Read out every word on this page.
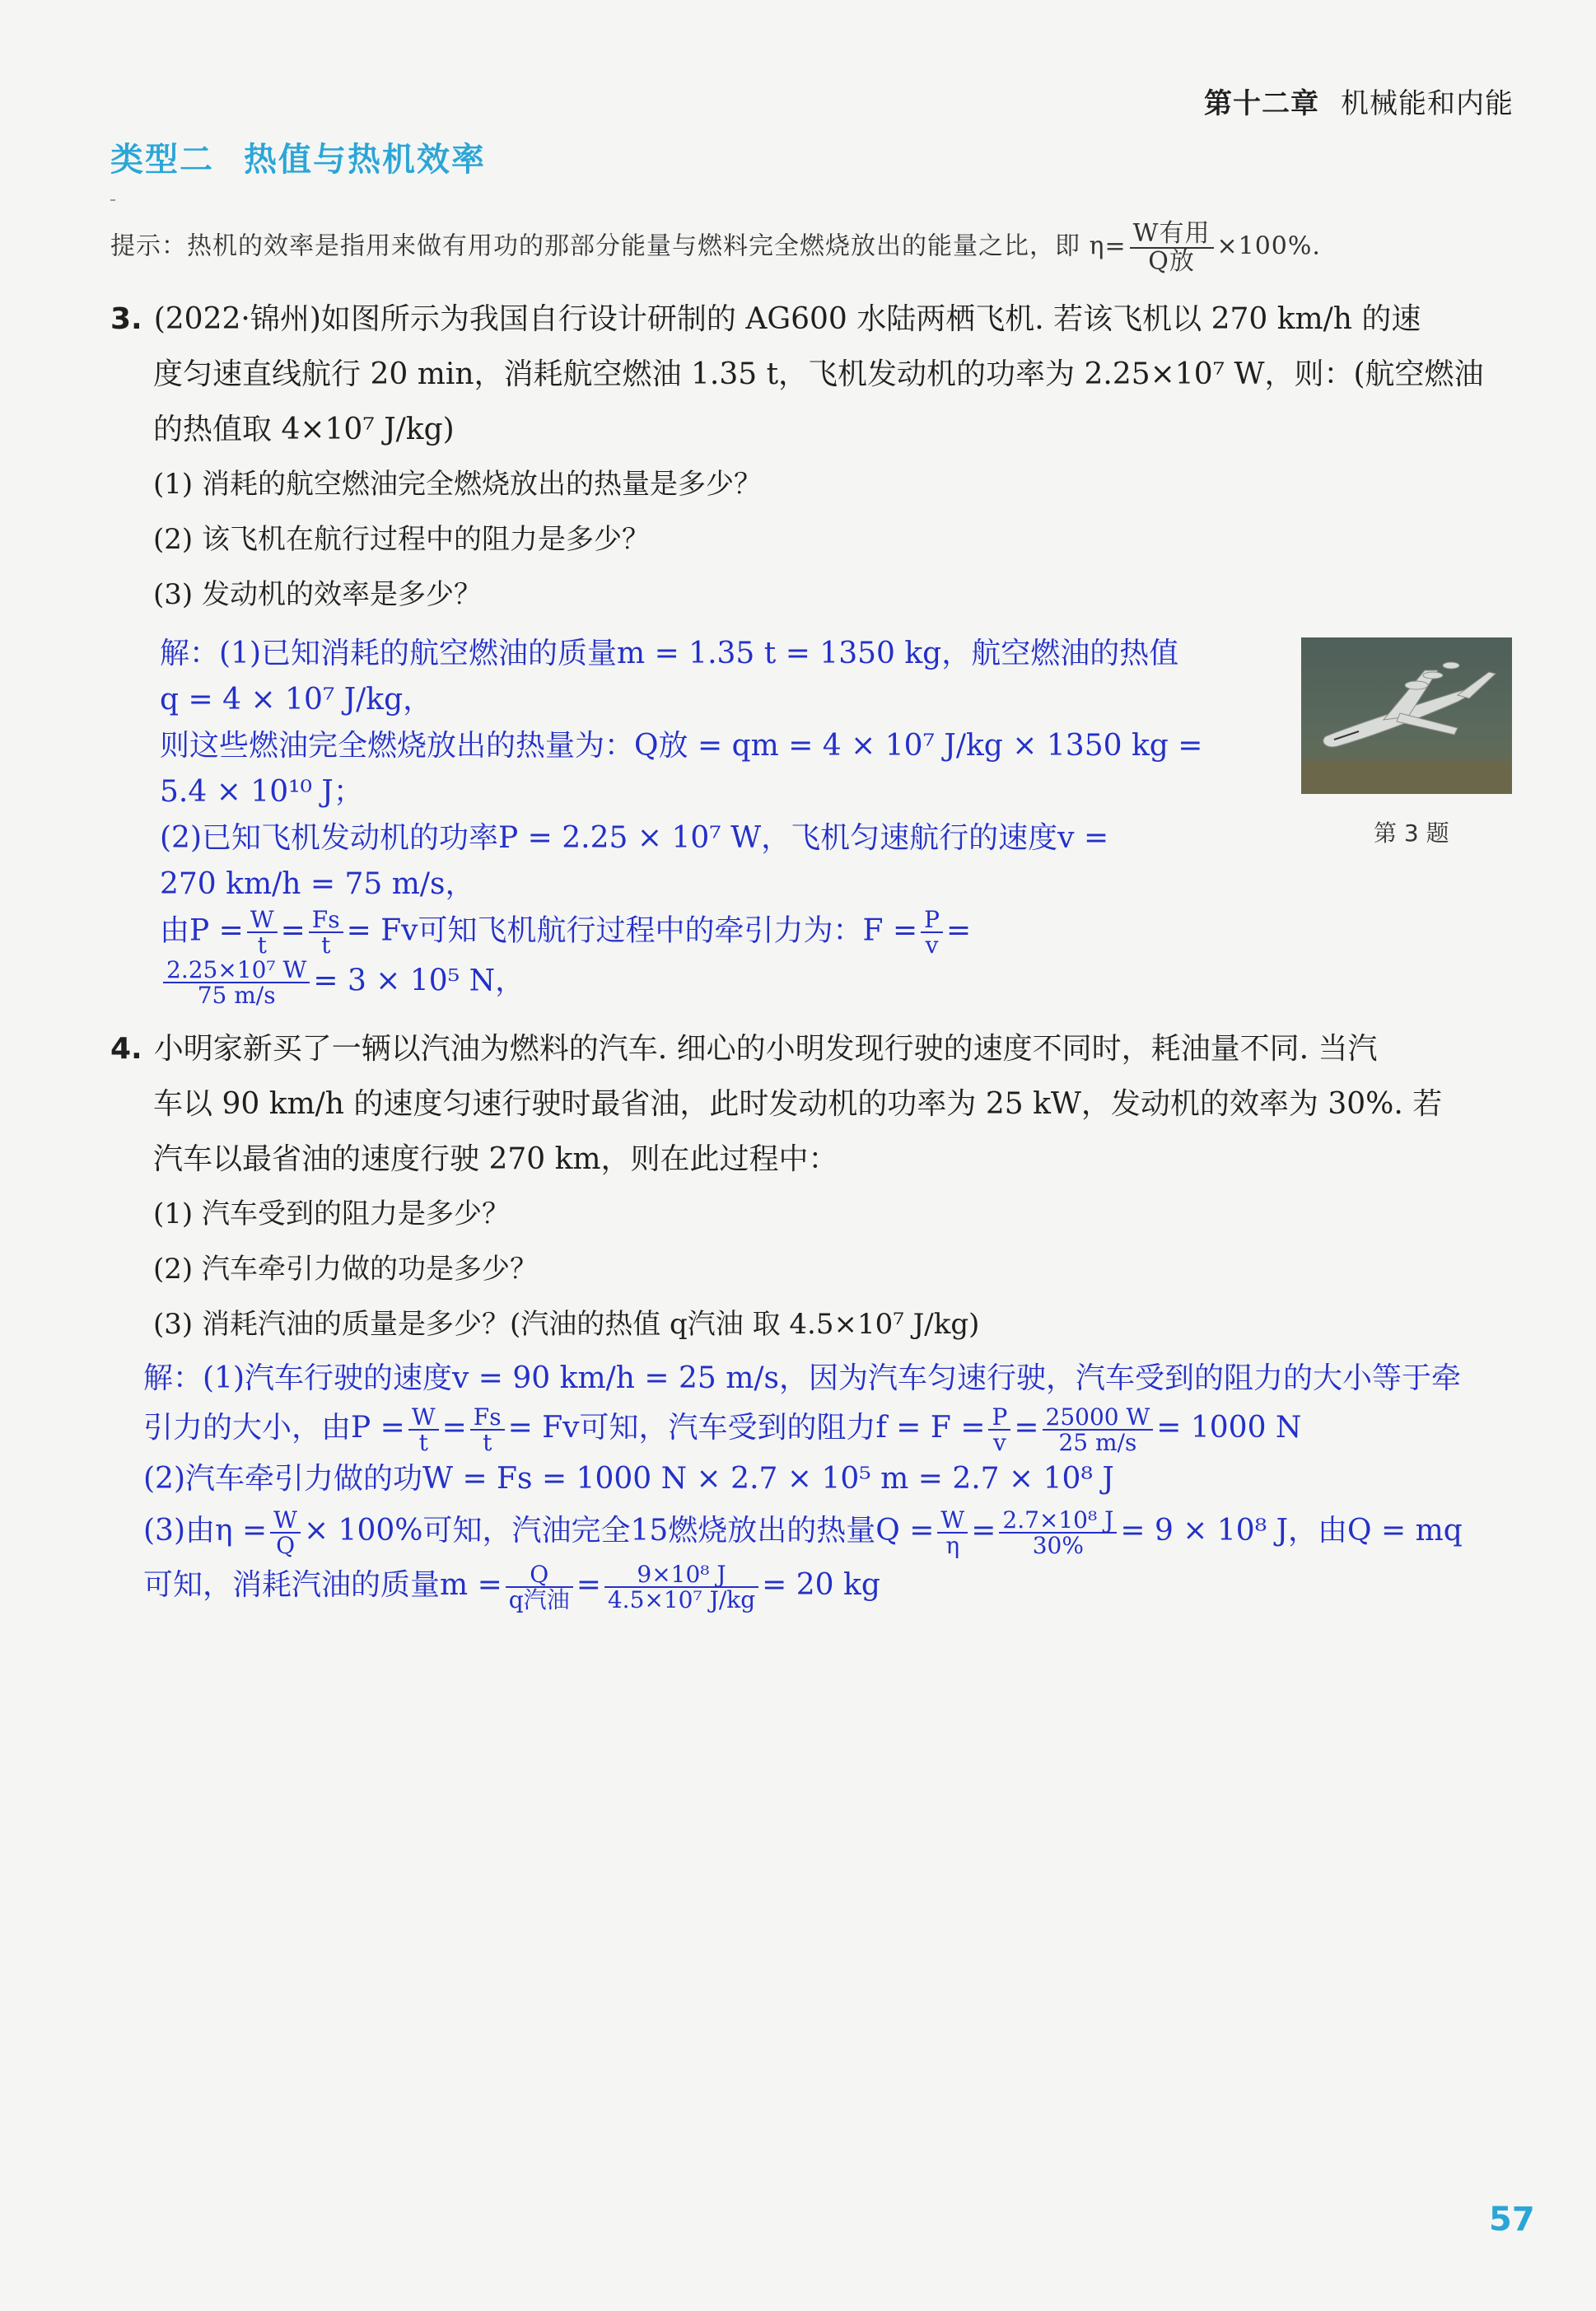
第十二章 机械能和内能
类型二 热值与热机效率
提示：热机的效率是指用来做有用功的那部分能量与燃料完全燃烧放出的能量之比，即 $\eta= \frac{\text{W有用}}{\text{Q放}} \times 100\%$.
3. (2022·锦州)如图所示为我国自行设计研制的 AG600 水陆两栖飞机. 若该飞机以 270 km/h 的速
度匀速直线航行 20 min，消耗航空燃油 1.35 t，飞机发动机的功率为 2.25×10⁷ W，则：(航空燃油
的热值取 4×10⁷ J/kg)
(1) 消耗的航空燃油完全燃烧放出的热量是多少？
(2) 该飞机在航行过程中的阻力是多少？
(3) 发动机的效率是多少？
解：(1)已知消耗的航空燃油的质量m = 1.35 t = 1350 kg，航空燃油的热值
q = 4 × 10⁷ J/kg，
则这些燃油完全燃烧放出的热量为：Q放 = qm = 4 × 10⁷ J/kg × 1350 kg =
5.4 × 10¹⁰ J；
(2)已知飞机发动机的功率P = 2.25 × 10⁷ W，飞机匀速航行的速度v =
270 km/h = 75 m/s，
由$P = \frac{W}{t} = \frac{Fs}{t} = Fv$可知飞机航行过程中的牵引力为：$F = \frac{P}{v}$ =
$\frac{\text{2.25×10⁷ W}}{75 m/s} = 3 \times 10^5$ N，
第 3 题
4. 小明家新买了一辆以汽油为燃料的汽车. 细心的小明发现行驶的速度不同时，耗油量不同. 当汽
车以 90 km/h 的速度匀速行驶时最省油，此时发动机的功率为 25 kW，发动机的效率为 30%. 若
汽车以最省油的速度行驶 270 km，则在此过程中：
(1) 汽车受到的阻力是多少？
(2) 汽车牵引力做的功是多少？
(3) 消耗汽油的质量是多少？(汽油的热值 q汽油 取 4.5×10⁷ J/kg)
解：(1)汽车行驶的速度v = 90 km/h = 25 m/s，因为汽车匀速行驶，汽车受到的阻力的大小等于牵
引力的大小，由$P = \frac{W}{t} = \frac{Fs}{t} = Fv$可知，汽车受到的阻力$f = F = \frac{P}{v} = \frac{25000 W}{25 m/s} = 1000$ N
(2)汽车牵引力做的功W = Fs = 1000 N × 2.7 × 10⁵ m = 2.7 × 10⁸ J
(3)由$\eta = \frac{W}{Q} \times 100\%$可知，汽油完全15燃烧放出的热量$Q = \frac{W}{\eta} = \frac{\text{2.7×10⁸ J}}{30\%} = 9 \times 10^8$ J，由Q = mq
可知，消耗汽油的质量$m = \frac{Q}{\text{q汽油}} = \frac{\text{9×10⁸ J}}{\text{4.5×10⁷ J/kg}} = 20$ kg
57
